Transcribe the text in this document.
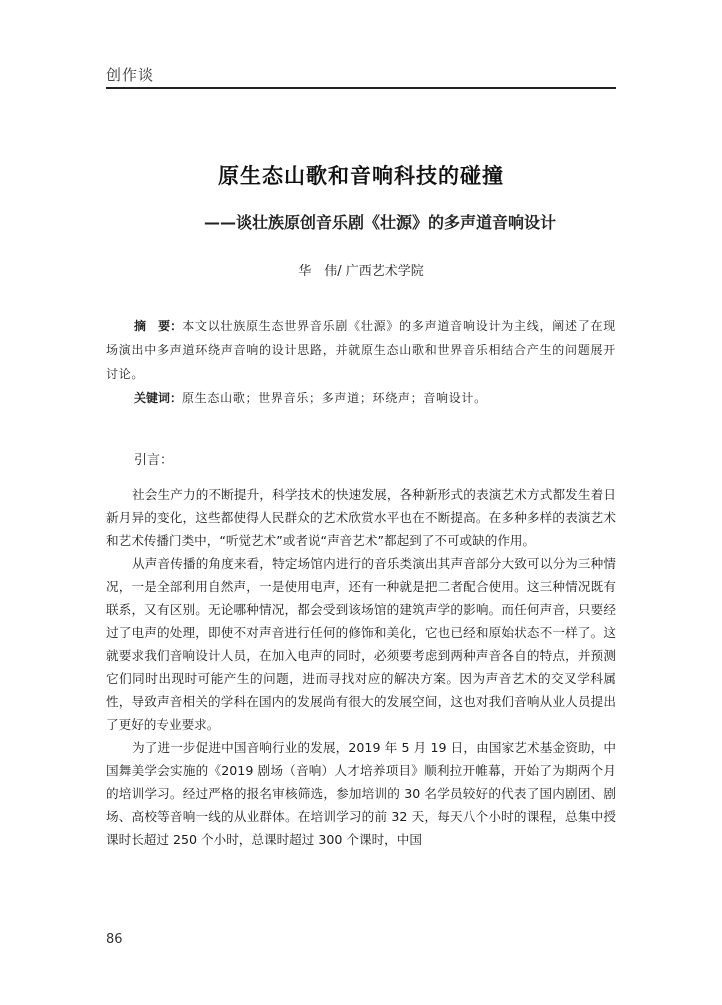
创作谈
原生态山歌和音响科技的碰撞
——谈壮族原创音乐剧《壮源》的多声道音响设计
华　伟/ 广西艺术学院
摘　要：本文以壮族原生态世界音乐剧《壮源》的多声道音响设计为主线，阐述了在现场演出中多声道环绕声音响的设计思路，并就原生态山歌和世界音乐相结合产生的问题展开讨论。
关键词：原生态山歌；世界音乐；多声道；环绕声；音响设计。
引言：

社会生产力的不断提升，科学技术的快速发展，各种新形式的表演艺术方式都发生着日新月异的变化，这些都使得人民群众的艺术欣赏水平也在不断提高。在多种多样的表演艺术和艺术传播门类中，“听觉艺术”或者说“声音艺术”都起到了不可或缺的作用。

从声音传播的角度来看，特定场馆内进行的音乐类演出其声音部分大致可以分为三种情况，一是全部利用自然声，一是使用电声，还有一种就是把二者配合使用。这三种情况既有联系，又有区别。无论哪种情况，都会受到该场馆的建筑声学的影响。而任何声音，只要经过了电声的处理，即使不对声音进行任何的修饰和美化，它也已经和原始状态不一样了。这就要求我们音响设计人员，在加入电声的同时，必须要考虑到两种声音各自的特点，并预测它们同时出现时可能产生的问题，进而寻找对应的解决方案。因为声音艺术的交叉学科属性，导致声音相关的学科在国内的发展尚有很大的发展空间，这也对我们音响从业人员提出了更好的专业要求。

为了进一步促进中国音响行业的发展，2019 年 5 月 19 日，由国家艺术基金资助，中国舞美学会实施的《2019 剧场（音响）人才培养项目》顺利拉开帷幕，开始了为期两个月的培训学习。经过严格的报名审核筛选，参加培训的 30 名学员较好的代表了国内剧团、剧场、高校等音响一线的从业群体。在培训学习的前 32 天，每天八个小时的课程，总集中授课时长超过 250 个小时，总课时超过 300 个课时，中国

86
